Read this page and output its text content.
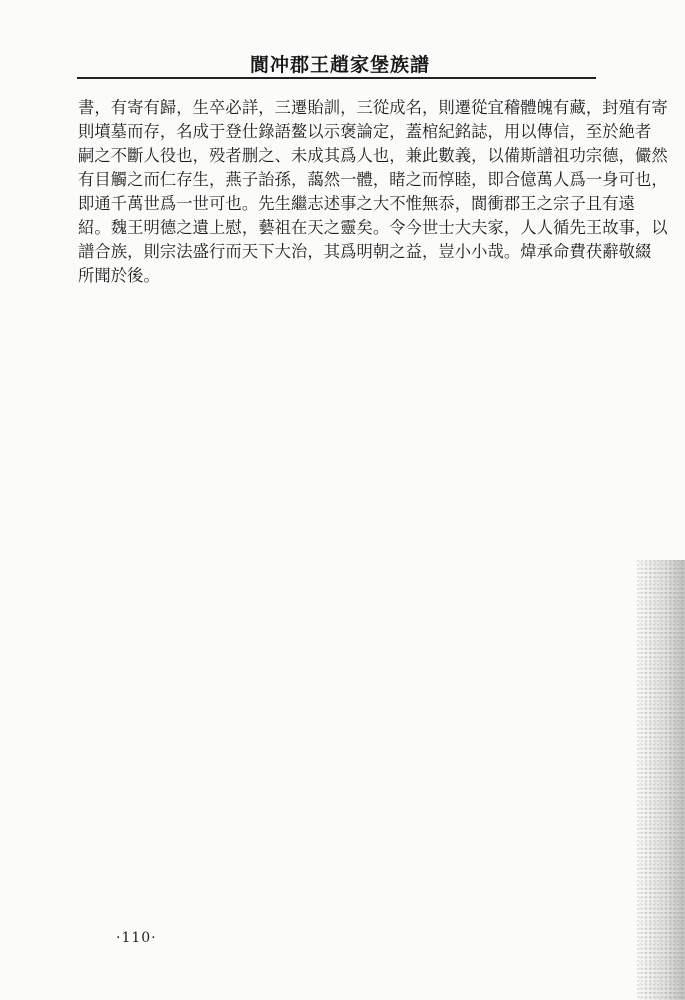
閬冲郡王趙家堡族譜
書，有寄有歸，生卒必詳，三遷貽訓，三從成名，則遷從宜稽體魄有藏，封殖有寄
則墳墓而存，名成于登仕錄語鳌以示褒論定，蓋棺紀銘誌，用以傳信，至於絶者
嗣之不斷人役也，殁者删之、未成其爲人也，兼此數義，以備斯譜祖功宗德，儼然
有目觸之而仁存生，燕子詒孫，藹然一體，睹之而惇睦，即合億萬人爲一身可也，
即通千萬世爲一世可也。先生繼志述事之大不惟無忝，閬衝郡王之宗子且有遠
紹。魏王明德之遺上慰，藝祖在天之靈矣。令今世士大夫家，人人循先王故事，以
譜合族，則宗法盛行而天下大治，其爲明朝之益，豈小小哉。煒承命費茯辭敬綴
所聞於後。
·110·
